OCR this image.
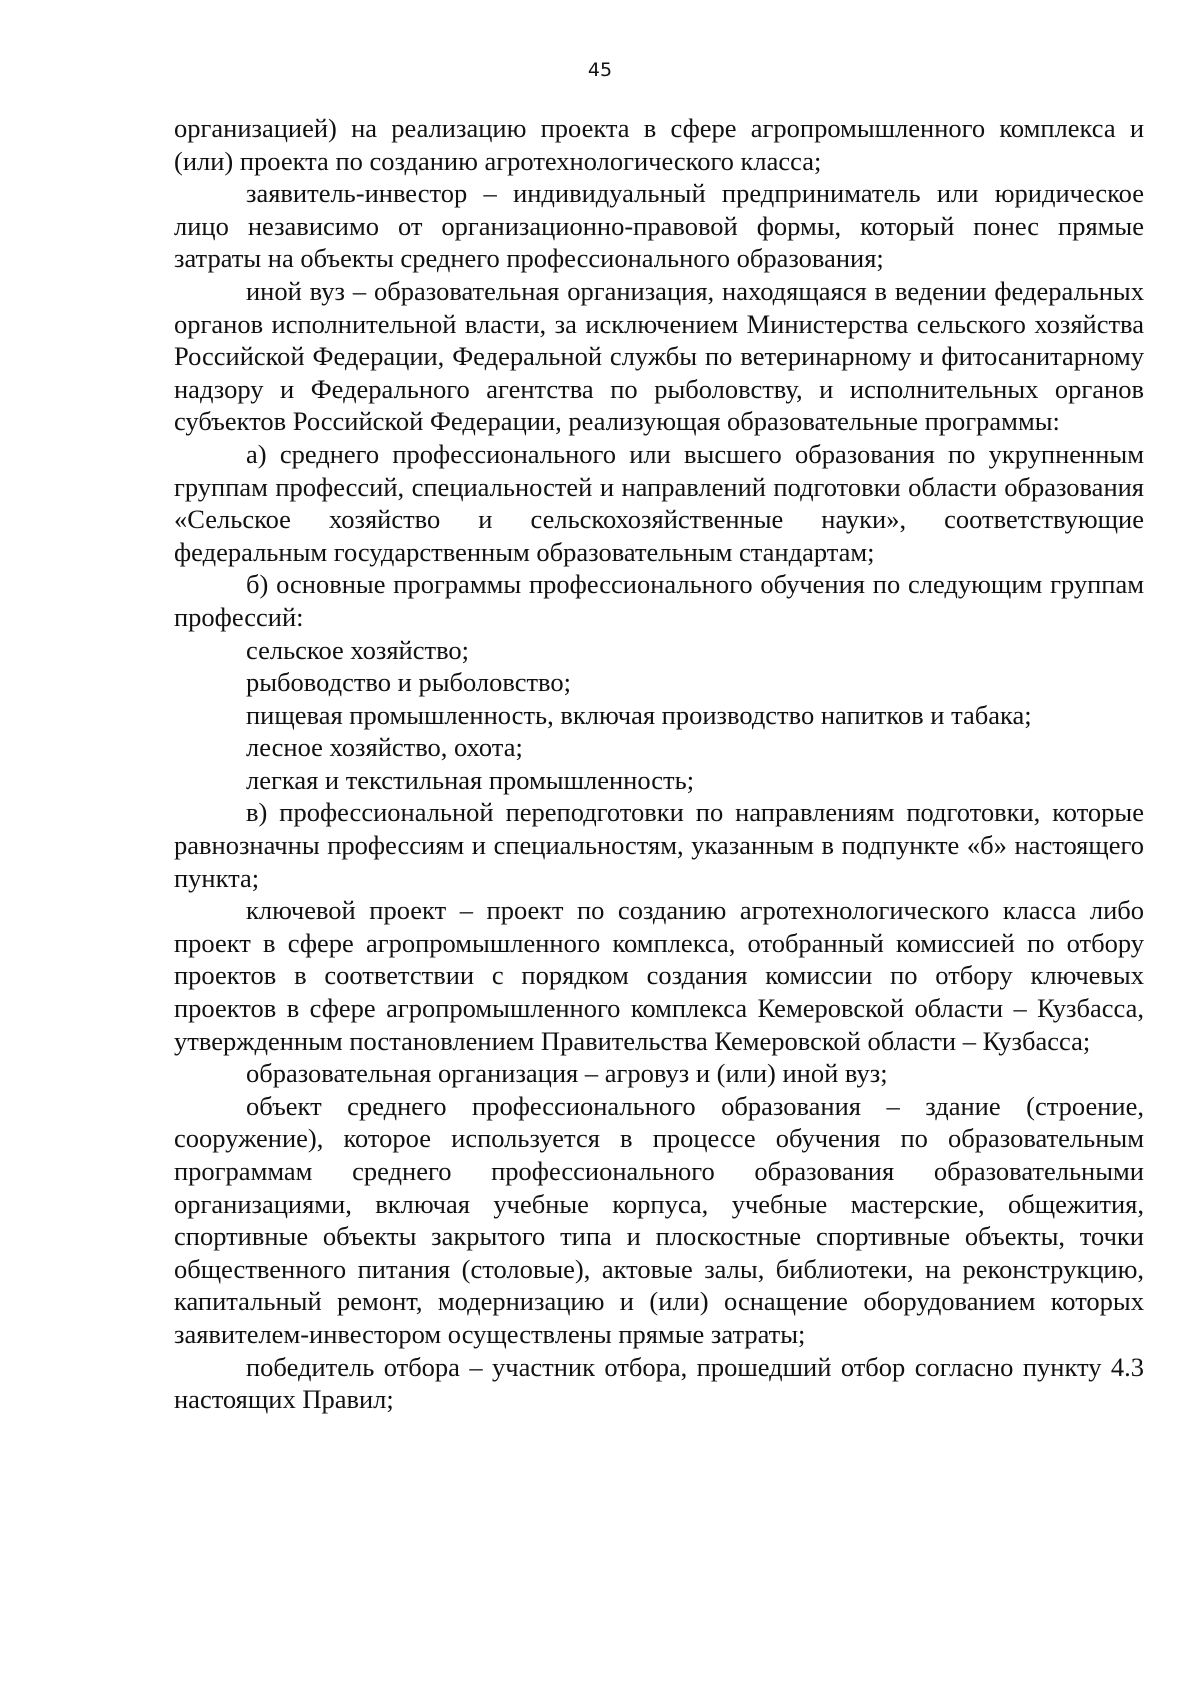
45

организацией) на реализацию проекта в сфере агропромышленного комплекса и (или) проекта по созданию агротехнологического класса;

заявитель-инвестор – индивидуальный предприниматель или юридическое лицо независимо от организационно-правовой формы, который понес прямые затраты на объекты среднего профессионального образования;

иной вуз – образовательная организация, находящаяся в ведении федеральных органов исполнительной власти, за исключением Министерства сельского хозяйства Российской Федерации, Федеральной службы по ветеринарному и фитосанитарному надзору и Федерального агентства по рыболовству, и исполнительных органов субъектов Российской Федерации, реализующая образовательные программы:

а) среднего профессионального или высшего образования по укрупненным группам профессий, специальностей и направлений подготовки области образования «Сельское хозяйство и сельскохозяйственные науки», соответствующие федеральным государственным образовательным стандартам;

б) основные программы профессионального обучения по следующим группам профессий:

сельское хозяйство;

рыбоводство и рыболовство;

пищевая промышленность, включая производство напитков и табака;

лесное хозяйство, охота;

легкая и текстильная промышленность;

в) профессиональной переподготовки по направлениям подготовки, которые равнозначны профессиям и специальностям, указанным в подпункте «б» настоящего пункта;

ключевой проект – проект по созданию агротехнологического класса либо проект в сфере агропромышленного комплекса, отобранный комиссией по отбору проектов в соответствии с порядком создания комиссии по отбору ключевых проектов в сфере агропромышленного комплекса Кемеровской области – Кузбасса, утвержденным постановлением Правительства Кемеровской области – Кузбасса;

образовательная организация – агровуз и (или) иной вуз;

объект среднего профессионального образования – здание (строение, сооружение), которое используется в процессе обучения по образовательным программам среднего профессионального образования образовательными организациями, включая учебные корпуса, учебные мастерские, общежития, спортивные объекты закрытого типа и плоскостные спортивные объекты, точки общественного питания (столовые), актовые залы, библиотеки, на реконструкцию, капитальный ремонт, модернизацию и (или) оснащение оборудованием которых заявителем-инвестором осуществлены прямые затраты;

победитель отбора – участник отбора, прошедший отбор согласно пункту 4.3 настоящих Правил;
